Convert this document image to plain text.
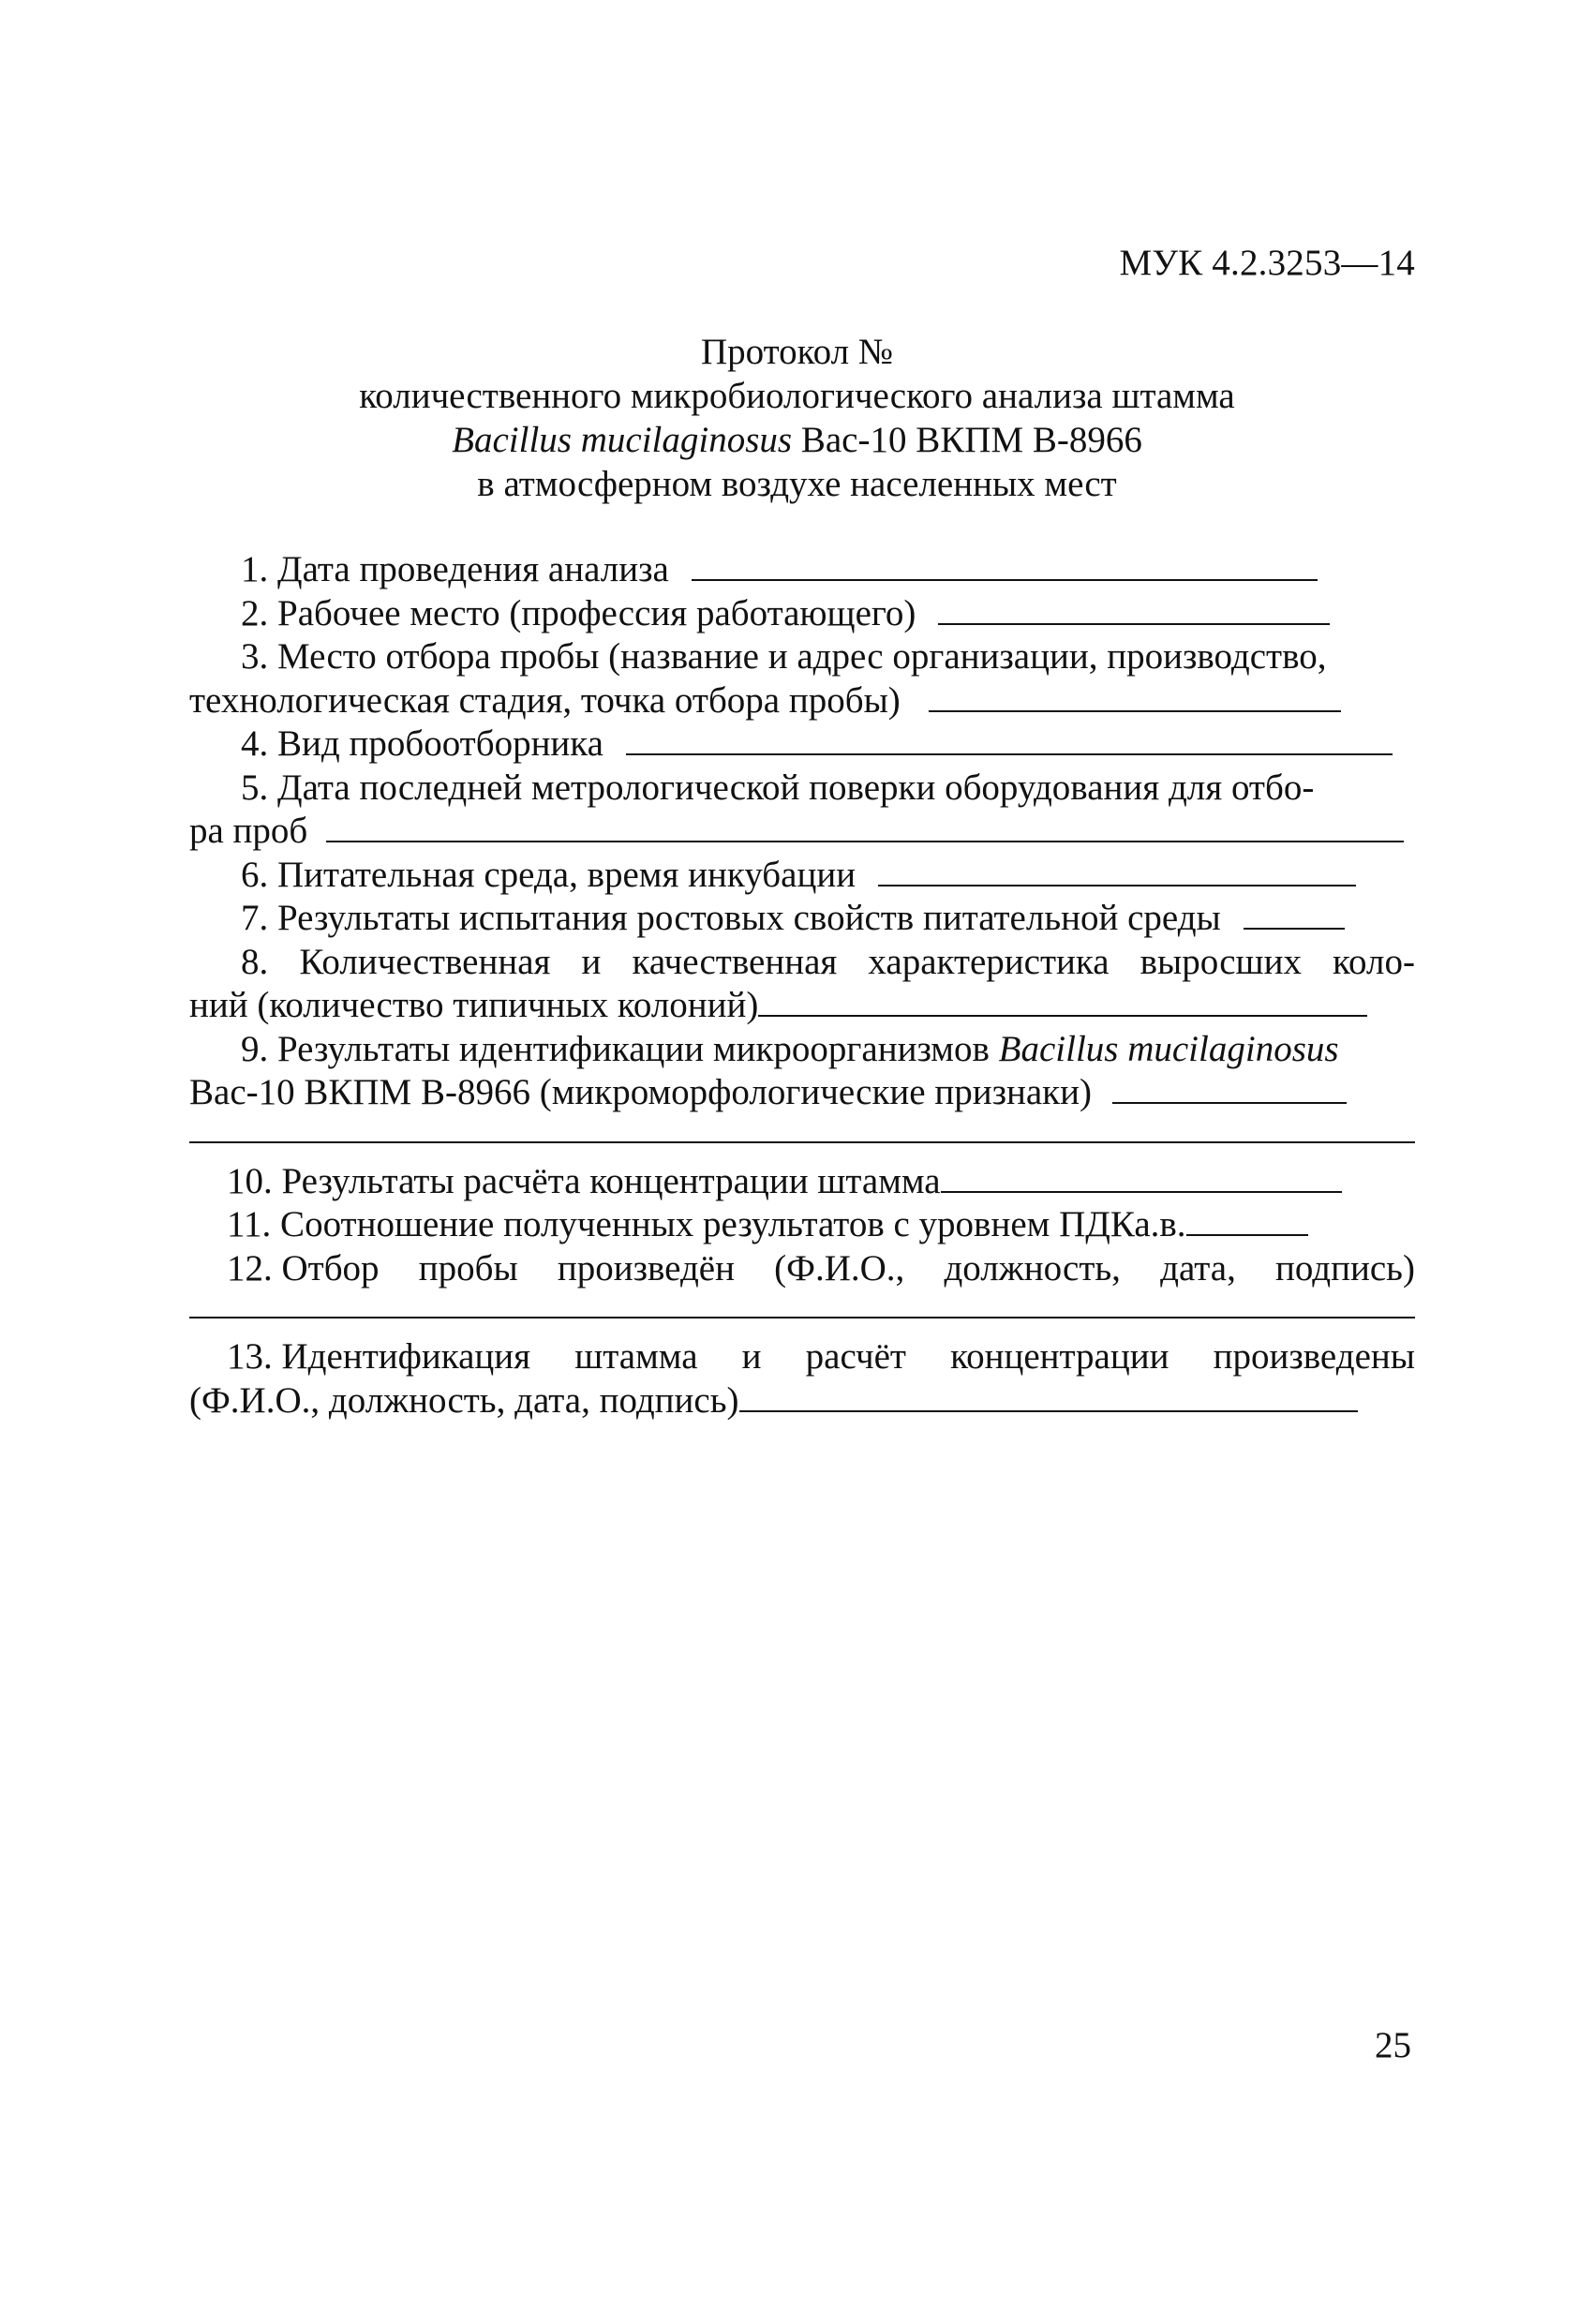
МУК 4.2.3253—14
Протокол №
количественного микробиологического анализа штамма
Bacillus mucilaginosus Вас-10 ВКПМ В-8966
в атмосферном воздухе населенных мест
1. Дата проведения анализа
2. Рабочее место (профессия работающего)
3. Место отбора пробы (название и адрес организации, производство,
технологическая стадия, точка отбора пробы)
4. Вид пробоотборника
5. Дата последней метрологической поверки оборудования для отбо-
ра проб
6. Питательная среда, время инкубации
7. Результаты испытания ростовых свойств питательной среды
8. Количественная и качественная характеристика выросших коло-
ний (количество типичных колоний)
9. Результаты идентификации микроорганизмов Bacillus mucilaginosus
Вас-10 ВКПМ В-8966 (микроморфологические признаки)
10. Результаты расчёта концентрации штамма
11. Соотношение полученных результатов с уровнем ПДКа.в.
12. Отбор пробы произведён (Ф.И.О., должность, дата, подпись)
13. Идентификация штамма и расчёт концентрации произведены
(Ф.И.О., должность, дата, подпись)
25
